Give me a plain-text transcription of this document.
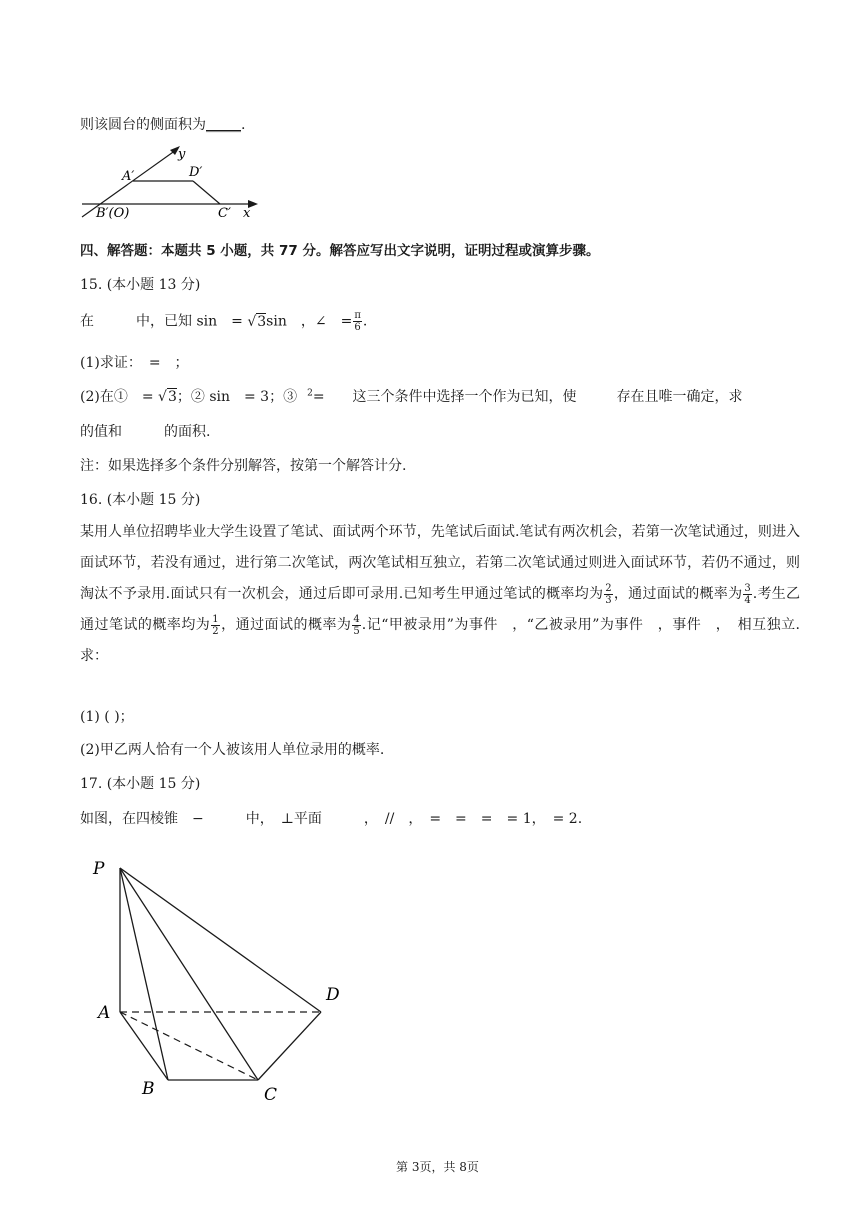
则该圆台的侧面积为_____.
y
A′	D′
B′(O)	C′ x
四、解答题：本题共 5 小题，共 77 分。解答应写出文字说明，证明过程或演算步骤。
15. (本小题 13 分)
在	中，已知 sin = √3sin ，∠ = $\frac{\pi}{6}$ .
(1)求证：　=　；
(2)在① = √3；② sin　= 3；③ $^2$=　　这三个条件中选择一个作为已知，使	存在且唯一确定，求
的值和　　　的面积.
注：如果选择多个条件分别解答，按第一个解答计分.
16. (本小题 15 分)
某用人单位招聘毕业大学生设置了笔试、面试两个环节，先笔试后面试.笔试有两次机会，若第一次笔试通过，则进入面试环节，若没有通过，进行第二次笔试，两次笔试相互独立，若第二次笔试通过则进入面试环节，若仍不通过，则淘汰不予录用.面试只有一次机会，通过后即可录用.已知考生甲通过笔试的概率均为 $\frac{2}{3}$ ，通过面试的概率为 $\frac{3}{4}$ .考生乙通过笔试的概率均为 $\frac{1}{2}$ ，通过面试的概率为 $\frac{4}{5}$ .记“甲被录用”为事件　，“乙被录用”为事件　，事件　，　相互独立.求：
(1) ( )；
(2)甲乙两人恰有一个人被该用人单位录用的概率.
17. (本小题 15 分)
如图，在四棱锥　−　　　中，　⊥平面　　　，　//　，　=　=　=　= 1，　= 2.
P
A
B	C
D
第 3页，共 8页
